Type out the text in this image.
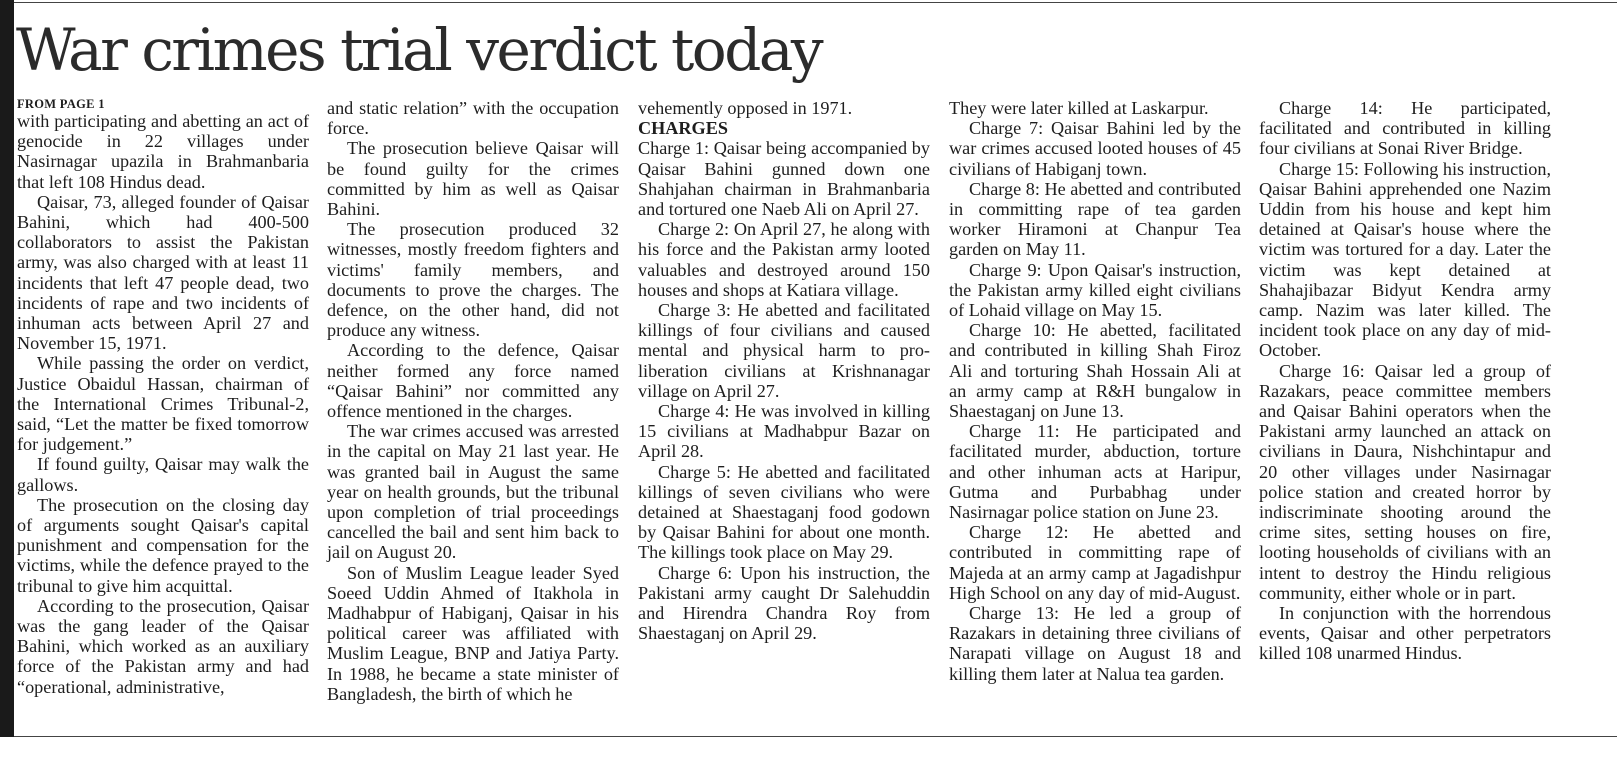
War crimes trial verdict today
FROM PAGE 1

with participating and abetting an act of genocide in 22 villages under Nasirnagar upazila in Brahmanbaria that left 108 Hindus dead.

Qaisar, 73, alleged founder of Qaisar Bahini, which had 400-500 collaborators to assist the Pakistan army, was also charged with at least 11 incidents that left 47 people dead, two incidents of rape and two incidents of inhuman acts between April 27 and November 15, 1971.

While passing the order on verdict, Justice Obaidul Hassan, chairman of the International Crimes Tribunal-2, said, “Let the matter be fixed tomorrow for judgement.”

If found guilty, Qaisar may walk the gallows.

The prosecution on the closing day of arguments sought Qaisar's capital punishment and compensation for the victims, while the defence prayed to the tribunal to give him acquittal.

According to the prosecution, Qaisar was the gang leader of the Qaisar Bahini, which worked as an auxiliary force of the Pakistan army and had “operational, administrative,

and static relation” with the occupation force.

The prosecution believe Qaisar will be found guilty for the crimes committed by him as well as Qaisar Bahini.

The prosecution produced 32 witnesses, mostly freedom fighters and victims' family members, and documents to prove the charges. The defence, on the other hand, did not produce any witness.

According to the defence, Qaisar neither formed any force named “Qaisar Bahini” nor committed any offence mentioned in the charges.

The war crimes accused was arrested in the capital on May 21 last year. He was granted bail in August the same year on health grounds, but the tribunal upon completion of trial proceedings cancelled the bail and sent him back to jail on August 20.

Son of Muslim League leader Syed Soeed Uddin Ahmed of Itakhola in Madhabpur of Habiganj, Qaisar in his political career was affiliated with Muslim League, BNP and Jatiya Party. In 1988, he became a state minister of Bangladesh, the birth of which he

vehemently opposed in 1971.

CHARGES

Charge 1: Qaisar being accompanied by Qaisar Bahini gunned down one Shahjahan chairman in Brahmanbaria and tortured one Naeb Ali on April 27.

Charge 2: On April 27, he along with his force and the Pakistan army looted valuables and destroyed around 150 houses and shops at Katiara village.

Charge 3: He abetted and facilitated killings of four civilians and caused mental and physical harm to pro-liberation civilians at Krishnanagar village on April 27.

Charge 4: He was involved in killing 15 civilians at Madhabpur Bazar on April 28.

Charge 5: He abetted and facilitated killings of seven civilians who were detained at Shaestaganj food godown by Qaisar Bahini for about one month. The killings took place on May 29.

Charge 6: Upon his instruction, the Pakistani army caught Dr Salehuddin and Hirendra Chandra Roy from Shaestaganj on April 29.

They were later killed at Laskarpur.

Charge 7: Qaisar Bahini led by the war crimes accused looted houses of 45 civilians of Habiganj town.

Charge 8: He abetted and contributed in committing rape of tea garden worker Hiramoni at Chanpur Tea garden on May 11.

Charge 9: Upon Qaisar's instruction, the Pakistan army killed eight civilians of Lohaid village on May 15.

Charge 10: He abetted, facilitated and contributed in killing Shah Firoz Ali and torturing Shah Hossain Ali at an army camp at R&H bungalow in Shaestaganj on June 13.

Charge 11: He participated and facilitated murder, abduction, torture and other inhuman acts at Haripur, Gutma and Purbabhag under Nasirnagar police station on June 23.

Charge 12: He abetted and contributed in committing rape of Majeda at an army camp at Jagadishpur High School on any day of mid-August.

Charge 13: He led a group of Razakars in detaining three civilians of Narapati village on August 18 and killing them later at Nalua tea garden.

Charge 14: He participated, facilitated and contributed in killing four civilians at Sonai River Bridge.

Charge 15: Following his instruction, Qaisar Bahini apprehended one Nazim Uddin from his house and kept him detained at Qaisar's house where the victim was tortured for a day. Later the victim was kept detained at Shahajibazar Bidyut Kendra army camp. Nazim was later killed. The incident took place on any day of mid-October.

Charge 16: Qaisar led a group of Razakars, peace committee members and Qaisar Bahini operators when the Pakistani army launched an attack on civilians in Daura, Nishchintapur and 20 other villages under Nasirnagar police station and created horror by indiscriminate shooting around the crime sites, setting houses on fire, looting households of civilians with an intent to destroy the Hindu religious community, either whole or in part.

In conjunction with the horrendous events, Qaisar and other perpetrators killed 108 unarmed Hindus.
